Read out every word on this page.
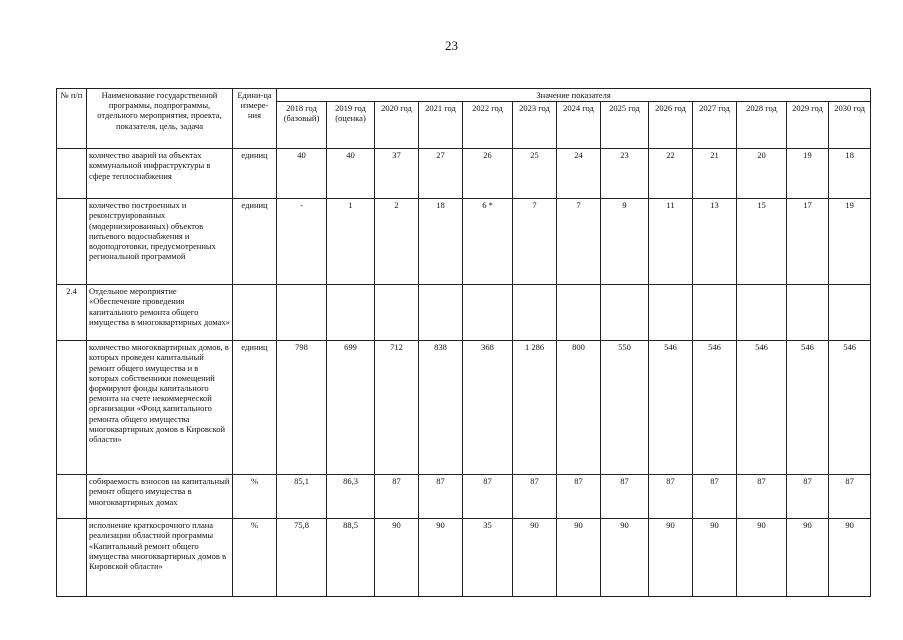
23
№ п/п	Наименование государственной программы, подпрограммы, отдельного мероприятия, проекта, показателя, цель, задача	Едини-ца измере-ния	Значение показателя												
			2018 год (базовый)	2019 год (оценка)	2020 год	2021 год	2022 год	2023 год	2024 год	2025 год	2026 год	2027 год	2028 год	2029 год	2030 год
	количество аварий на объектах коммунальной инфраструктуры в сфере теплоснабжения	единиц	40	40	37	27	26	25	24	23	22	21	20	19	18
	количество построенных и реконструированных (модернизированных) объектов питьевого водоснабжения и водоподготовки, предусмотренных региональной программой	единиц	-	1	2	18	6 *	7	7	9	11	13	15	17	19
2.4	Отдельное мероприятие «Обеспечение проведения капитального ремонта общего имущества в многоквартирных домах»														
	количество многоквартирных домов, в которых проведен капитальный ремонт общего имущества и в которых собственники помещений формируют фонды капитального ремонта на счете некоммерческой организации «Фонд капитального ремонта общего имущества многоквартирных домов в Кировской области»	единиц	798	699	712	838	368	1 286	800	550	546	546	546	546	546
	собираемость взносов на капитальный ремонт общего имущества в многоквартирных домах	%	85,1	86,3	87	87	87	87	87	87	87	87	87	87	87
	исполнение краткосрочного плана реализации областной программы «Капитальный ремонт общего имущества многоквартирных домов в Кировской области»	%	75,8	88,5	90	90	35	90	90	90	90	90	90	90	90
